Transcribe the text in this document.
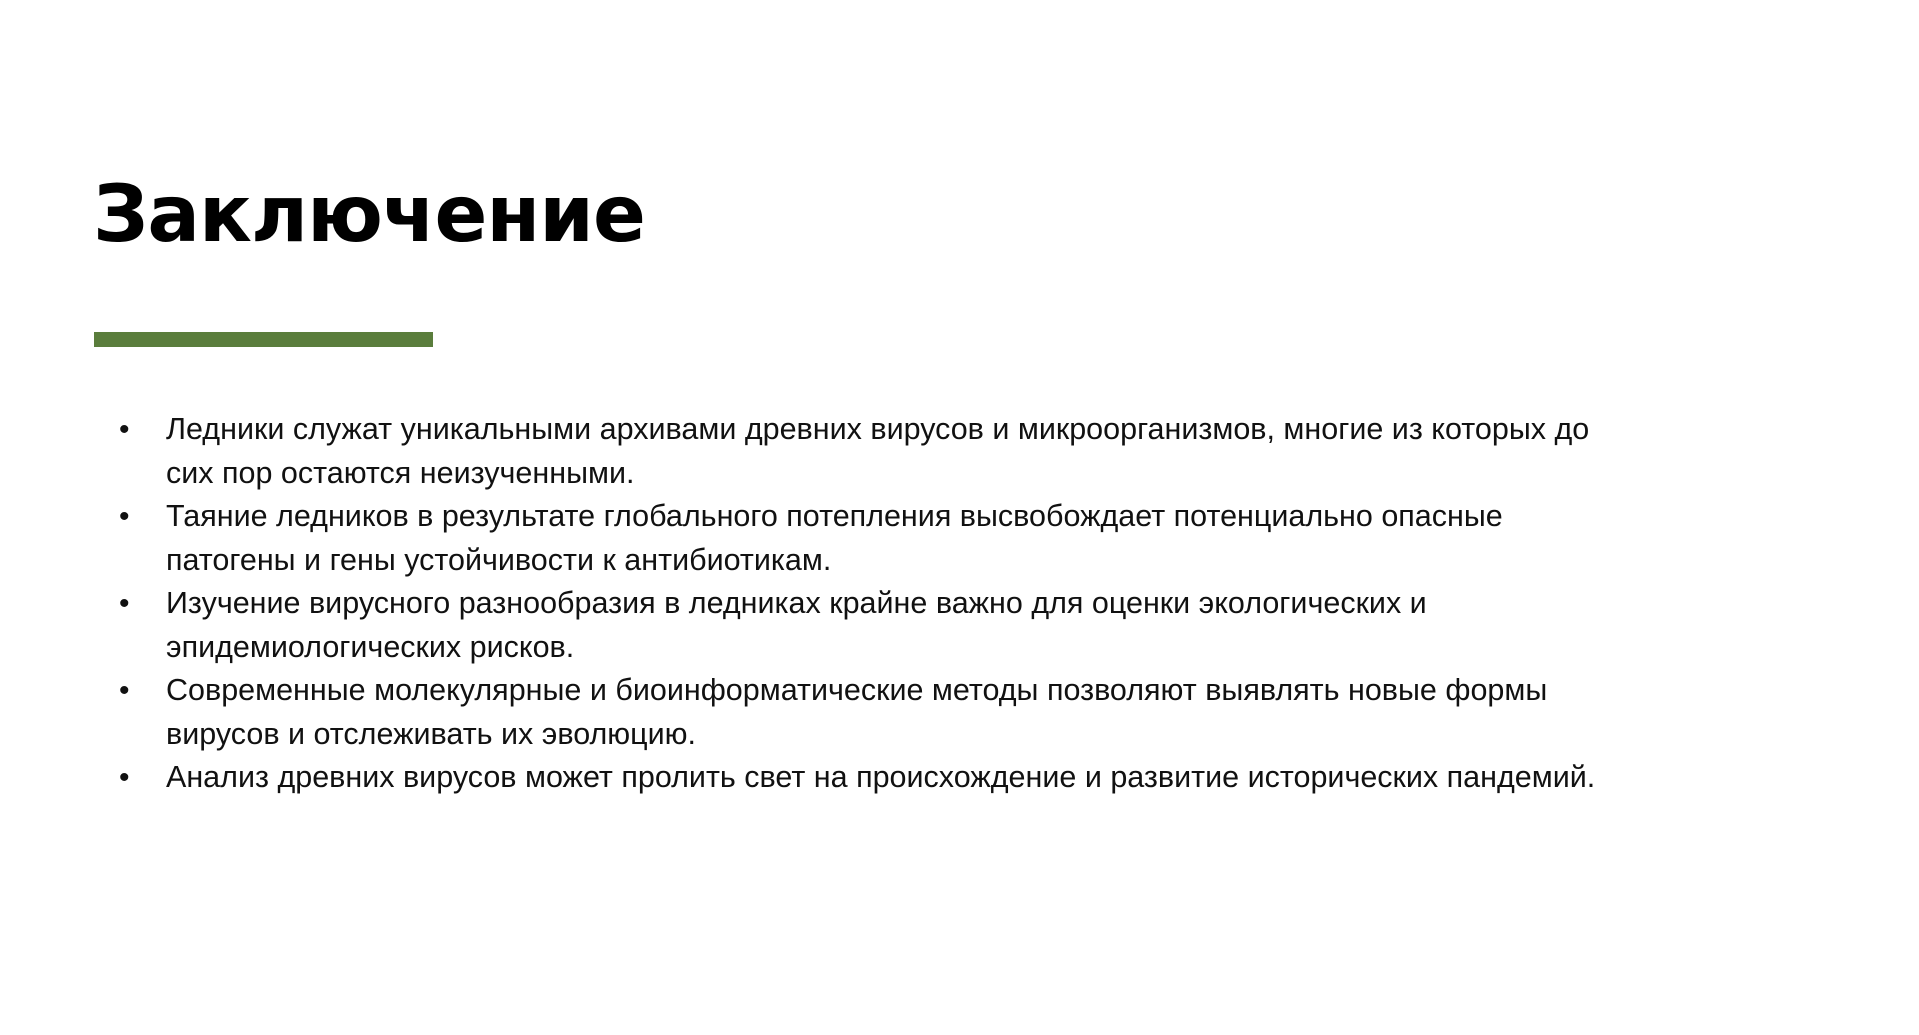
Заключение
• Ледники служат уникальными архивами древних вирусов и микроорганизмов, многие из которых до
сих пор остаются неизученными.
• Таяние ледников в результате глобального потепления высвобождает потенциально опасные
патогены и гены устойчивости к антибиотикам.
• Изучение вирусного разнообразия в ледниках крайне важно для оценки экологических и
эпидемиологических рисков.
• Современные молекулярные и биоинформатические методы позволяют выявлять новые формы
вирусов и отслеживать их эволюцию.
• Анализ древних вирусов может пролить свет на происхождение и развитие исторических пандемий.
